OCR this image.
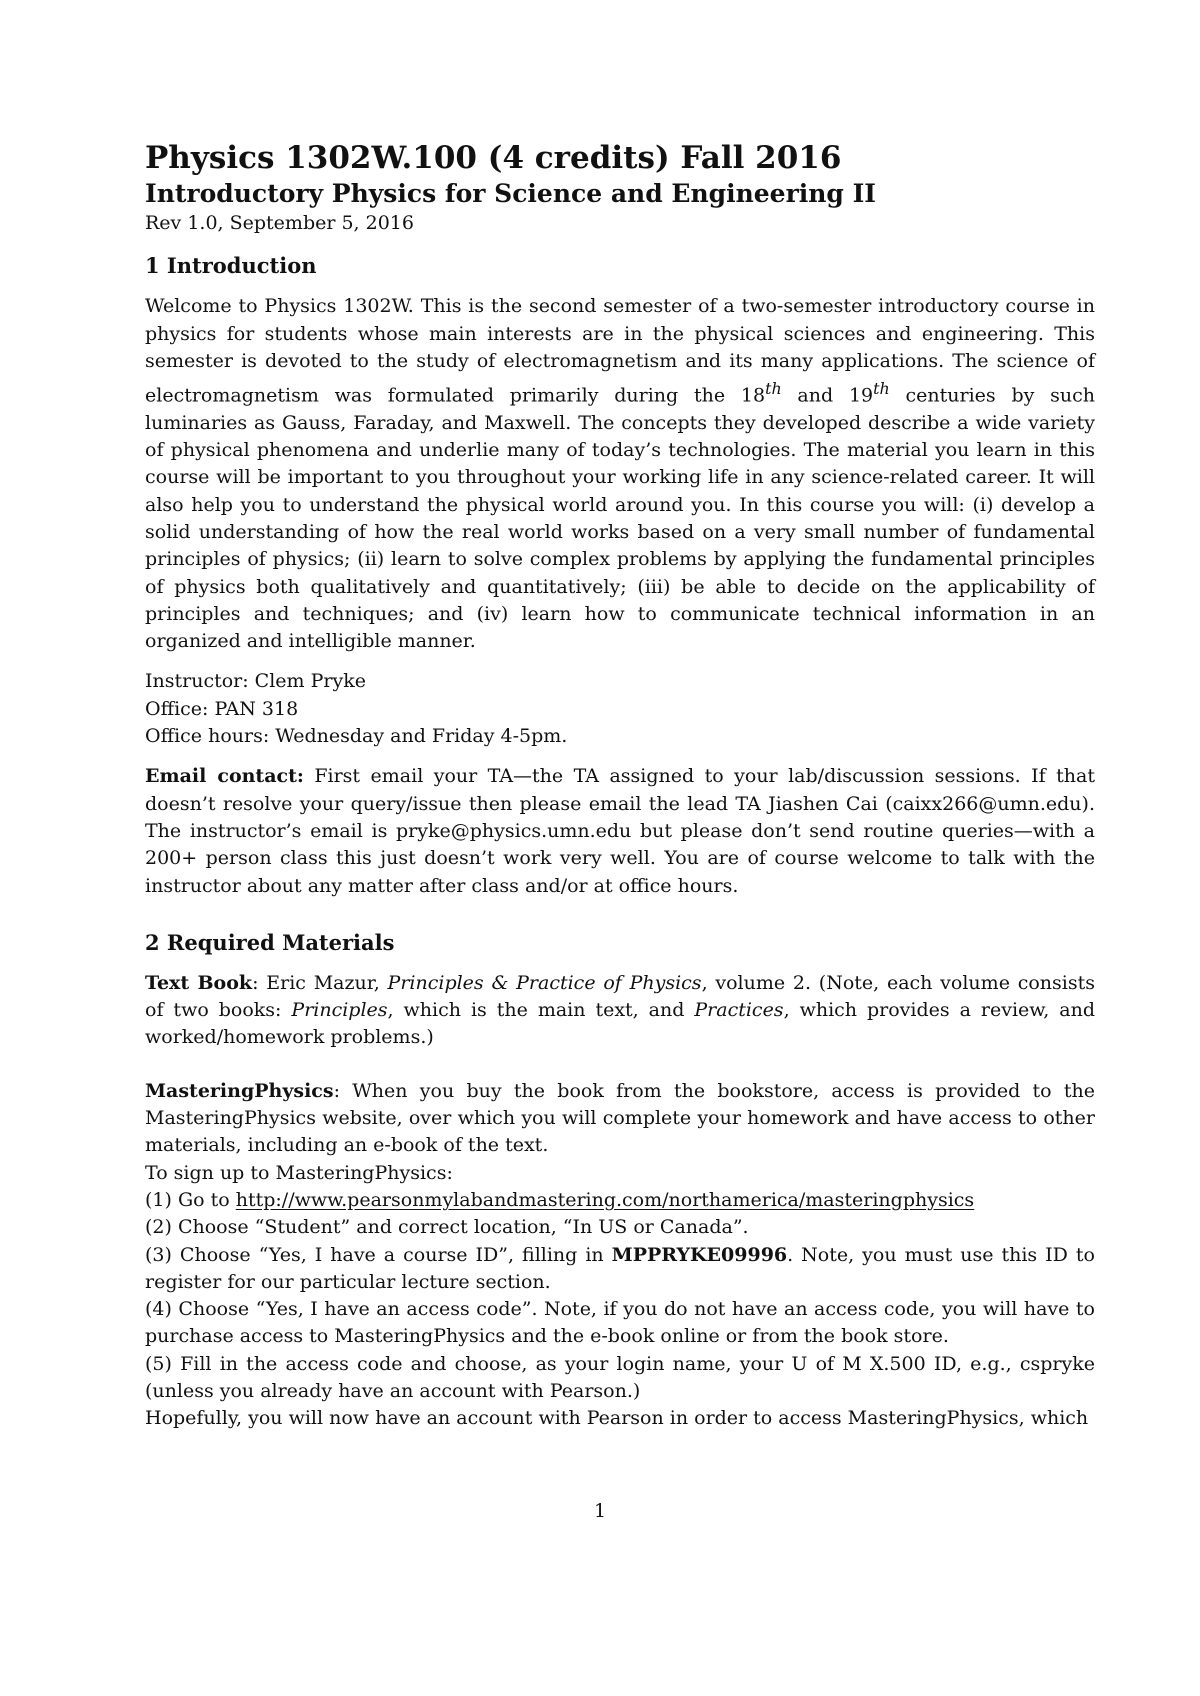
Physics 1302W.100 (4 credits) Fall 2016
Introductory Physics for Science and Engineering II
Rev 1.0, September 5, 2016
1 Introduction

Welcome to Physics 1302W. This is the second semester of a two-semester introductory course in physics for students whose main interests are in the physical sciences and engineering. This semester is devoted to the study of electromagnetism and its many applications. The science of electromagnetism was formulated primarily during the 18th and 19th centuries by such luminaries as Gauss, Faraday, and Maxwell. The concepts they developed describe a wide variety of physical phenomena and underlie many of today’s technologies. The material you learn in this course will be important to you throughout your working life in any science-related career. It will also help you to understand the physical world around you. In this course you will: (i) develop a solid understanding of how the real world works based on a very small number of fundamental principles of physics; (ii) learn to solve complex problems by applying the fundamental principles of physics both qualitatively and quantitatively; (iii) be able to decide on the applicability of principles and techniques; and (iv) learn how to communicate technical information in an organized and intelligible manner.

Instructor: Clem Pryke
Office: PAN 318
Office hours: Wednesday and Friday 4-5pm.

Email contact: First email your TA—the TA assigned to your lab/discussion sessions. If that doesn’t resolve your query/issue then please email the lead TA Jiashen Cai (caixx266@umn.edu). The instructor’s email is pryke@physics.umn.edu but please don’t send routine queries—with a 200+ person class this just doesn’t work very well. You are of course welcome to talk with the instructor about any matter after class and/or at office hours.

2 Required Materials

Text Book: Eric Mazur, Principles & Practice of Physics, volume 2. (Note, each volume consists of two books: Principles, which is the main text, and Practices, which provides a review, and worked/homework problems.)

MasteringPhysics: When you buy the book from the bookstore, access is provided to the MasteringPhysics website, over which you will complete your homework and have access to other materials, including an e-book of the text.

To sign up to MasteringPhysics:
(1) Go to http://www.pearsonmylabandmastering.com/northamerica/masteringphysics
(2) Choose “Student” and correct location, “In US or Canada”.

(3) Choose “Yes, I have a course ID”, filling in MPPRYKE09996. Note, you must use this ID to register for our particular lecture section.

(4) Choose “Yes, I have an access code”. Note, if you do not have an access code, you will have to purchase access to MasteringPhysics and the e-book online or from the book store.

(5) Fill in the access code and choose, as your login name, your U of M X.500 ID, e.g., cspryke (unless you already have an account with Pearson.)

Hopefully, you will now have an account with Pearson in order to access MasteringPhysics, which

1
